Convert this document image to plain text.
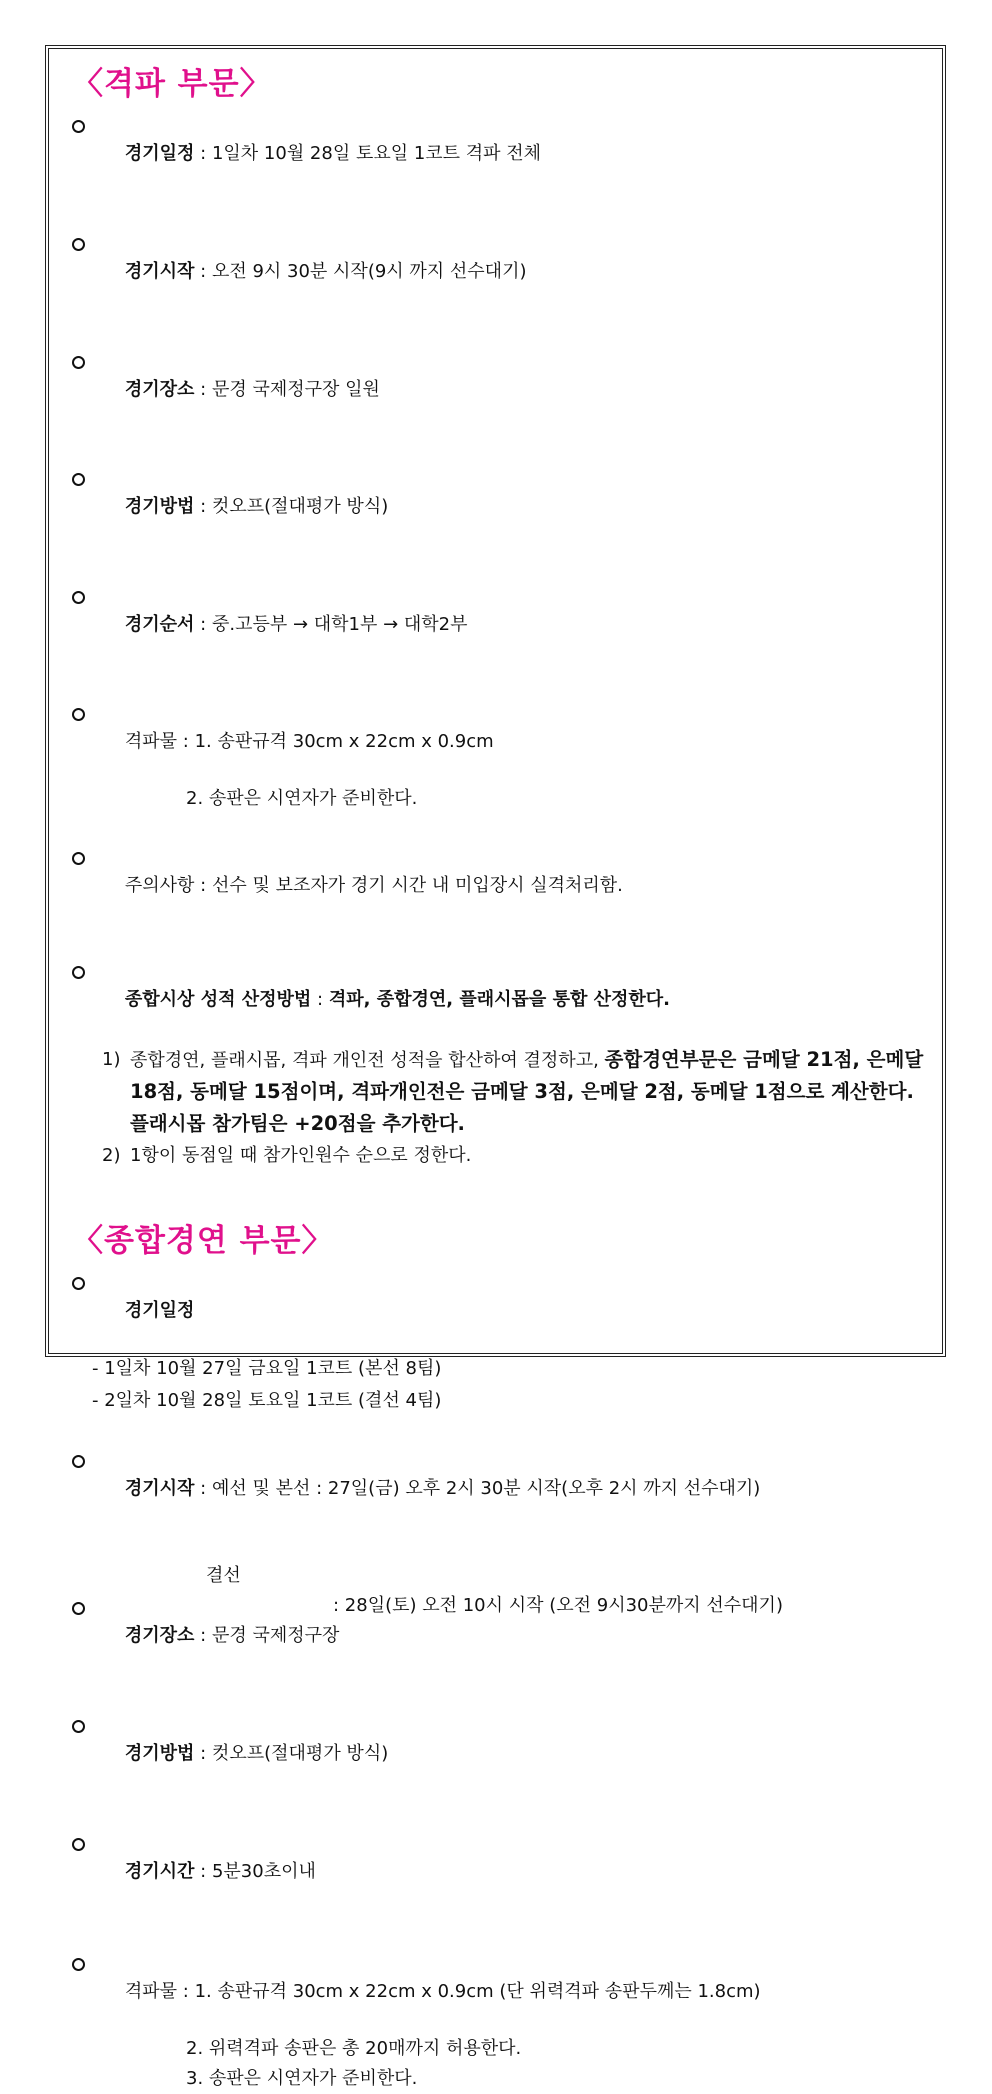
〈격파 부문〉

경기일정 : 1일차 10월 28일 토요일 1코트 격파 전체

경기시작 : 오전 9시 30분 시작(9시 까지 선수대기)

경기장소 : 문경 국제정구장 일원

경기방법 : 컷오프(절대평가 방식)

경기순서 : 중.고등부 → 대학1부 → 대학2부

격파물 : 1. 송판규격 30cm x 22cm x 0.9cm

2. 송판은 시연자가 준비한다.

주의사항 : 선수 및 보조자가 경기 시간 내 미입장시 실격처리함.

종합시상 성적 산정방법 : 격파, 종합경연, 플래시몹을 통합 산정한다.

1) 종합경연, 플래시몹, 격파 개인전 성적을 합산하여 결정하고, 종합경연부문은 금메달 21점, 은메달 18점, 동메달 15점이며, 격파개인전은 금메달 3점, 은메달 2점, 동메달 1점으로 계산한다. 플래시몹 참가팀은 +20점을 추가한다.
2) 1항이 동점일 때 참가인원수 순으로 정한다.
〈종합경연 부문〉

경기일정

- 1일차 10월 27일 금요일 1코트 (본선 8팀)
- 2일차 10월 28일 토요일 1코트 (결선 4팀)

경기시작 : 예선 및 본선 : 27일(금) 오후 2시 30분 시작(오후 2시 까지 선수대기)

결선

: 28일(토) 오전 10시 시작 (오전 9시30분까지 선수대기)

경기장소 : 문경 국제정구장

경기방법 : 컷오프(절대평가 방식)

경기시간 : 5분30초이내

격파물 : 1. 송판규격 30cm x 22cm x 0.9cm (단 위력격파 송판두께는 1.8cm)

2. 위력격파 송판은 총 20매까지 허용한다.
3. 송판은 시연자가 준비한다.
